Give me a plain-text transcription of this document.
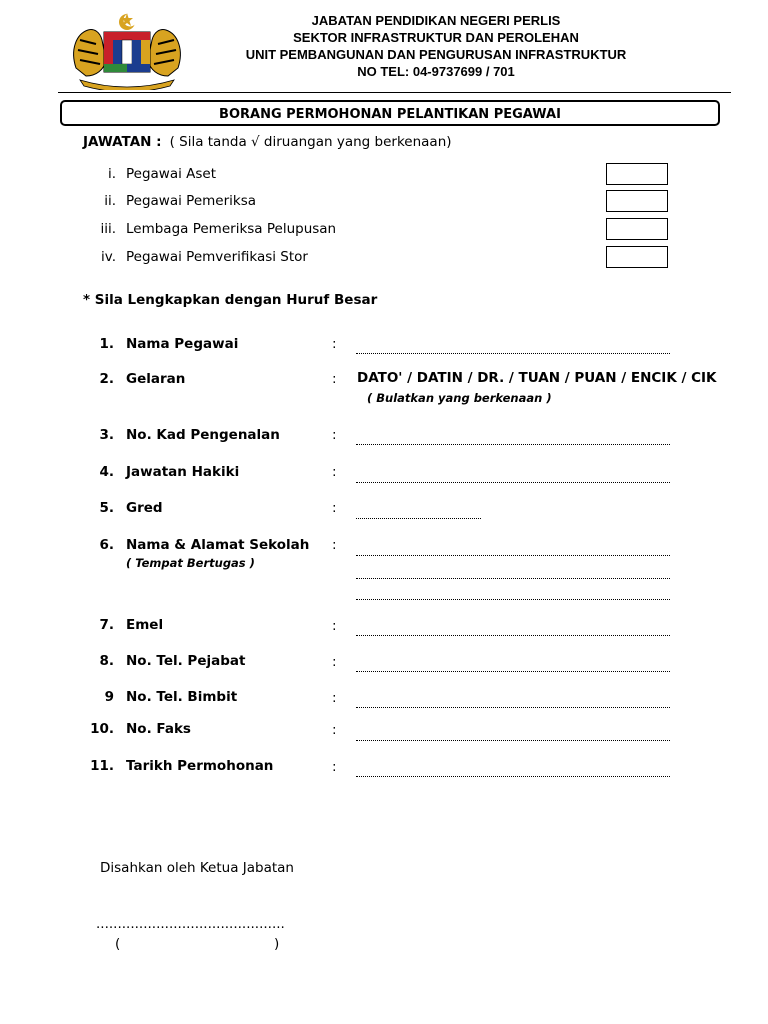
JABATAN PENDIDIKAN NEGERI PERLIS
SEKTOR INFRASTRUKTUR DAN PEROLEHAN
UNIT PEMBANGUNAN DAN PENGURUSAN INFRASTRUKTUR
NO TEL: 04-9737699 / 701
BORANG PERMOHONAN PELANTIKAN PEGAWAI
JAWATAN : ( Sila tanda √ diruangan yang berkenaan)
i. Pegawai Aset
ii. Pegawai Pemeriksa
iii. Lembaga Pemeriksa Pelupusan
iv. Pegawai Pemverifikasi Stor
* Sila Lengkapkan dengan Huruf Besar
1. Nama Pegawai	:
2. Gelaran	: DATO' / DATIN / DR. / TUAN / PUAN / ENCIK / CIK
( Bulatkan yang berkenaan )
3. No. Kad Pengenalan	:
4. Jawatan Hakiki	:
5. Gred	:
6. Nama & Alamat Sekolah
( Tempat Bertugas )
:
7. Emel	:
8. No. Tel. Pejabat	:
9 No. Tel. Bimbit	:
10. No. Faks	:
11. Tarikh Permohonan	:
Disahkan oleh Ketua Jabatan
............................................
(	)
